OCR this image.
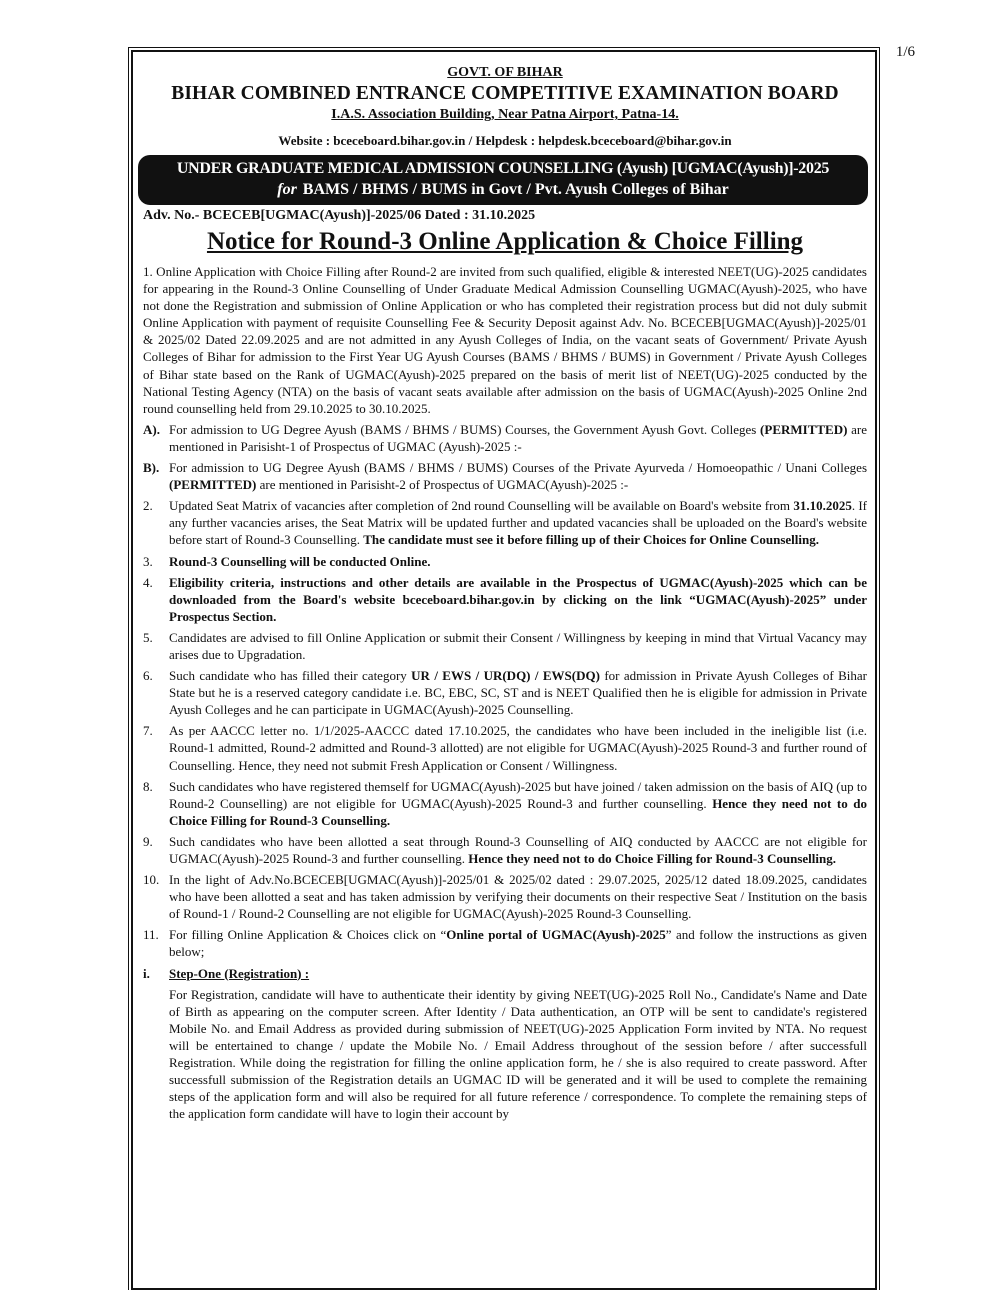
1/6
GOVT. OF BIHAR
BIHAR COMBINED ENTRANCE COMPETITIVE EXAMINATION BOARD
I.A.S. Association Building, Near Patna Airport, Patna-14.
Website : bceceboard.bihar.gov.in / Helpdesk : helpdesk.bceceboard@bihar.gov.in
UNDER GRADUATE MEDICAL ADMISSION COUNSELLING (Ayush) [UGMAC(Ayush)]-2025
for BAMS / BHMS / BUMS in Govt / Pvt. Ayush Colleges of Bihar
Adv. No.- BCECEB[UGMAC(Ayush)]-2025/06 Dated : 31.10.2025
Notice for Round-3 Online Application & Choice Filling
1. Online Application with Choice Filling after Round-2 are invited from such qualified, eligible & interested NEET(UG)-2025 candidates for appearing in the Round-3 Online Counselling of Under Graduate Medical Admission Counselling UGMAC(Ayush)-2025, who have not done the Registration and submission of Online Application or who has completed their registration process but did not duly submit Online Application with payment of requisite Counselling Fee & Security Deposit against Adv. No. BCECEB[UGMAC(Ayush)]-2025/01 & 2025/02 Dated 22.09.2025 and are not admitted in any Ayush Colleges of India, on the vacant seats of Government/ Private Ayush Colleges of Bihar for admission to the First Year UG Ayush Courses (BAMS / BHMS / BUMS) in Government / Private Ayush Colleges of Bihar state based on the Rank of UGMAC(Ayush)-2025 prepared on the basis of merit list of NEET(UG)-2025 conducted by the National Testing Agency (NTA) on the basis of vacant seats available after admission on the basis of UGMAC(Ayush)-2025 Online 2nd round counselling held from 29.10.2025 to 30.10.2025.
A). For admission to UG Degree Ayush (BAMS / BHMS / BUMS) Courses, the Government Ayush Govt. Colleges (PERMITTED) are mentioned in Parisisht-1 of Prospectus of UGMAC (Ayush)-2025 :-
B). For admission to UG Degree Ayush (BAMS / BHMS / BUMS) Courses of the Private Ayurveda / Homoeopathic / Unani Colleges (PERMITTED) are mentioned in Parisisht-2 of Prospectus of UGMAC(Ayush)-2025 :-
2.	Updated Seat Matrix of vacancies after completion of 2nd round Counselling will be available on Board's website from 31.10.2025. If any further vacancies arises, the Seat Matrix will be updated further and updated vacancies shall be uploaded on the Board's website before start of Round-3 Counselling. The candidate must see it before filling up of their Choices for Online Counselling.
3.	Round-3 Counselling will be conducted Online.
4.	Eligibility criteria, instructions and other details are available in the Prospectus of UGMAC(Ayush)-2025 which can be downloaded from the Board's website bceceboard.bihar.gov.in by clicking on the link “UGMAC(Ayush)-2025” under Prospectus Section.
5.	Candidates are advised to fill Online Application or submit their Consent / Willingness by keeping in mind that Virtual Vacancy may arises due to Upgradation.
6.	Such candidate who has filled their category UR / EWS / UR(DQ) / EWS(DQ) for admission in Private Ayush Colleges of Bihar State but he is a reserved category candidate i.e. BC, EBC, SC, ST and is NEET Qualified then he is eligible for admission in Private Ayush Colleges and he can participate in UGMAC(Ayush)-2025 Counselling.
7.	As per AACCC letter no. 1/1/2025-AACCC dated 17.10.2025, the candidates who have been included in the ineligible list (i.e. Round-1 admitted, Round-2 admitted and Round-3 allotted) are not eligible for UGMAC(Ayush)-2025 Round-3 and further round of Counselling. Hence, they need not submit Fresh Application or Consent / Willingness.
8.	Such candidates who have registered themself for UGMAC(Ayush)-2025 but have joined / taken admission on the basis of AIQ (up to Round-2 Counselling) are not eligible for UGMAC(Ayush)-2025 Round-3 and further counselling. Hence they need not to do Choice Filling for Round-3 Counselling.
9.	Such candidates who have been allotted a seat through Round-3 Counselling of AIQ conducted by AACCC are not eligible for UGMAC(Ayush)-2025 Round-3 and further counselling. Hence they need not to do Choice Filling for Round-3 Counselling.
10. In the light of Adv.No.BCECEB[UGMAC(Ayush)]-2025/01 & 2025/02 dated : 29.07.2025, 2025/12 dated 18.09.2025, candidates who have been allotted a seat and has taken admission by verifying their documents on their respective Seat / Institution on the basis of Round-1 / Round-2 Counselling are not eligible for UGMAC(Ayush)-2025 Round-3 Counselling.
11. For filling Online Application & Choices click on “Online portal of UGMAC(Ayush)-2025” and follow the instructions as given below;
i.	Step-One (Registration) :
For Registration, candidate will have to authenticate their identity by giving NEET(UG)-2025 Roll No., Candidate's Name and Date of Birth as appearing on the computer screen. After Identity / Data authentication, an OTP will be sent to candidate's registered Mobile No. and Email Address as provided during submission of NEET(UG)-2025 Application Form invited by NTA. No request will be entertained to change / update the Mobile No. / Email Address throughout of the session before / after successfull Registration. While doing the registration for filling the online application form, he / she is also required to create password. After successfull submission of the Registration details an UGMAC ID will be generated and it will be used to complete the remaining steps of the application form and will also be required for all future reference / correspondence. To complete the remaining steps of the application form candidate will have to login their account by
